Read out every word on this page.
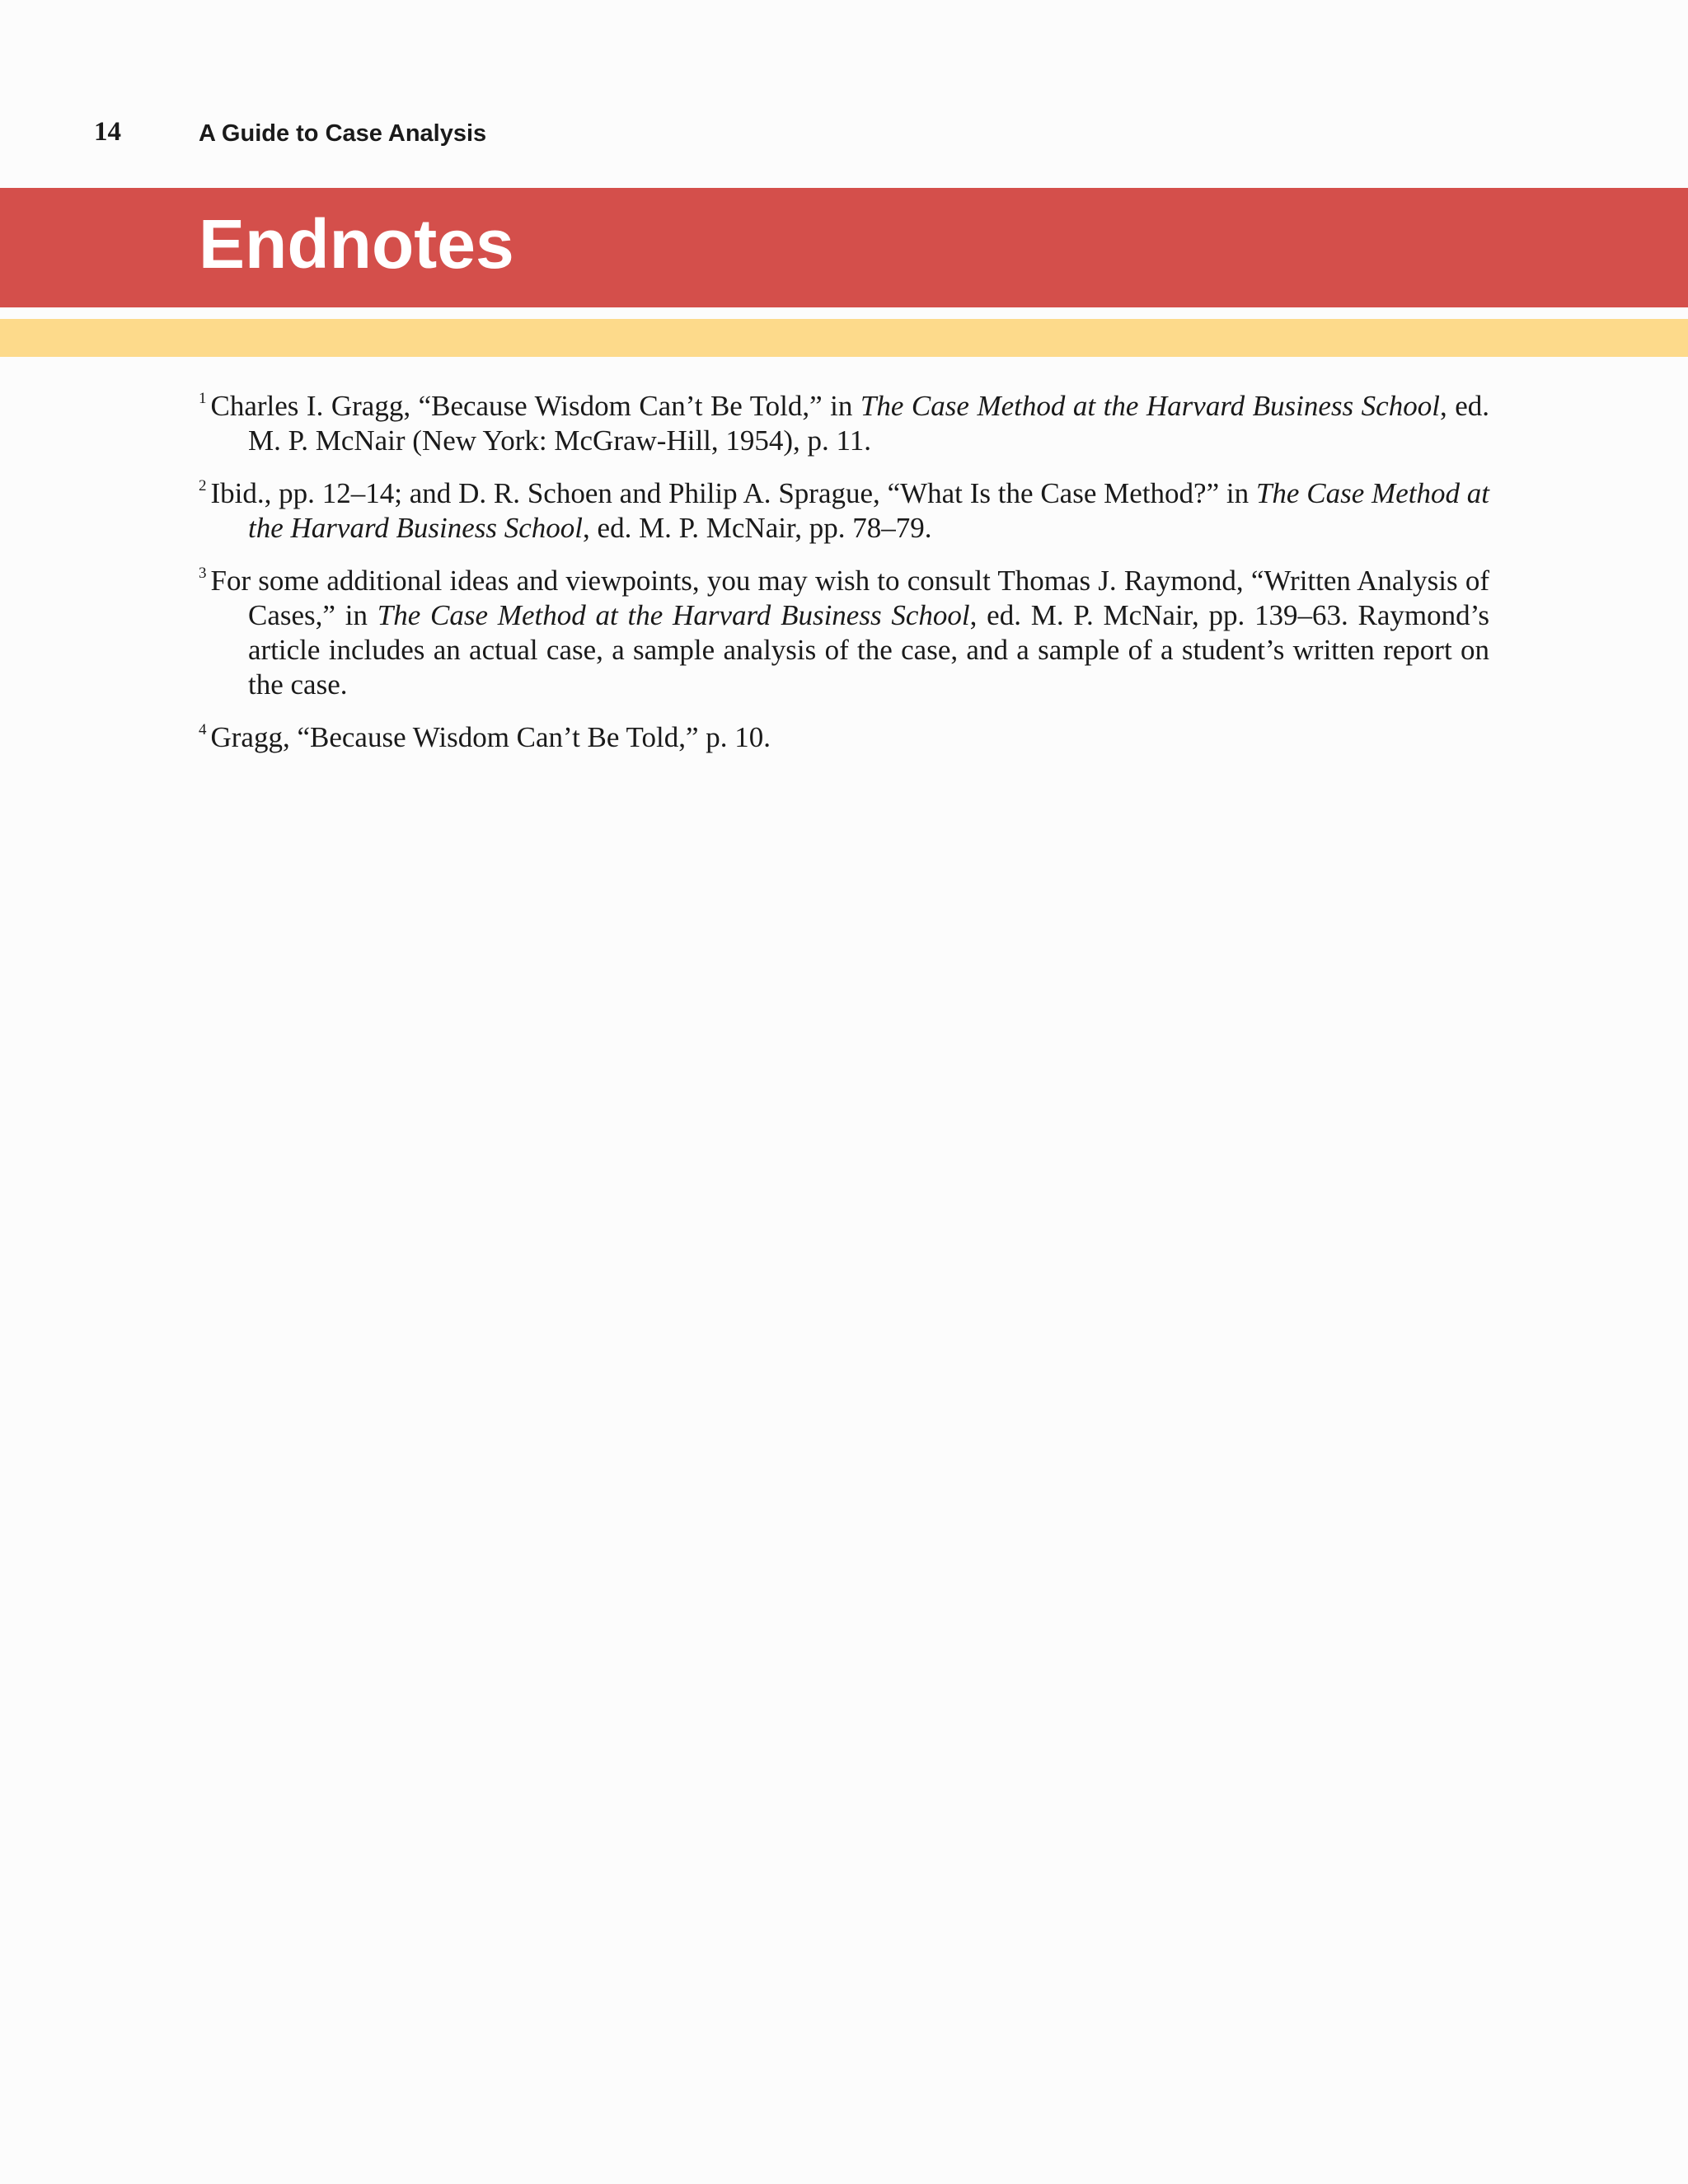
14	A Guide to Case Analysis
Endnotes

$^1$ Charles I. Gragg, “Because Wisdom Can’t Be Told,” in The Case Method at the Harvard Business School, ed. M. P. McNair (New York: McGraw-Hill, 1954), p. 11.

$^2$ Ibid., pp. 12–14; and D. R. Schoen and Philip A. Sprague, “What Is the Case Method?” in The Case Method at the Harvard Business School, ed. M. P. McNair, pp. 78–79.

$^3$ For some additional ideas and viewpoints, you may wish to consult Thomas J. Raymond, “Written Analysis of Cases,” in The Case Method at the Harvard Business School, ed. M. P. McNair, pp. 139–63. Raymond’s article includes an actual case, a sample analysis of the case, and a sample of a student’s written report on the case.

$^4$ Gragg, “Because Wisdom Can’t Be Told,” p. 10.
